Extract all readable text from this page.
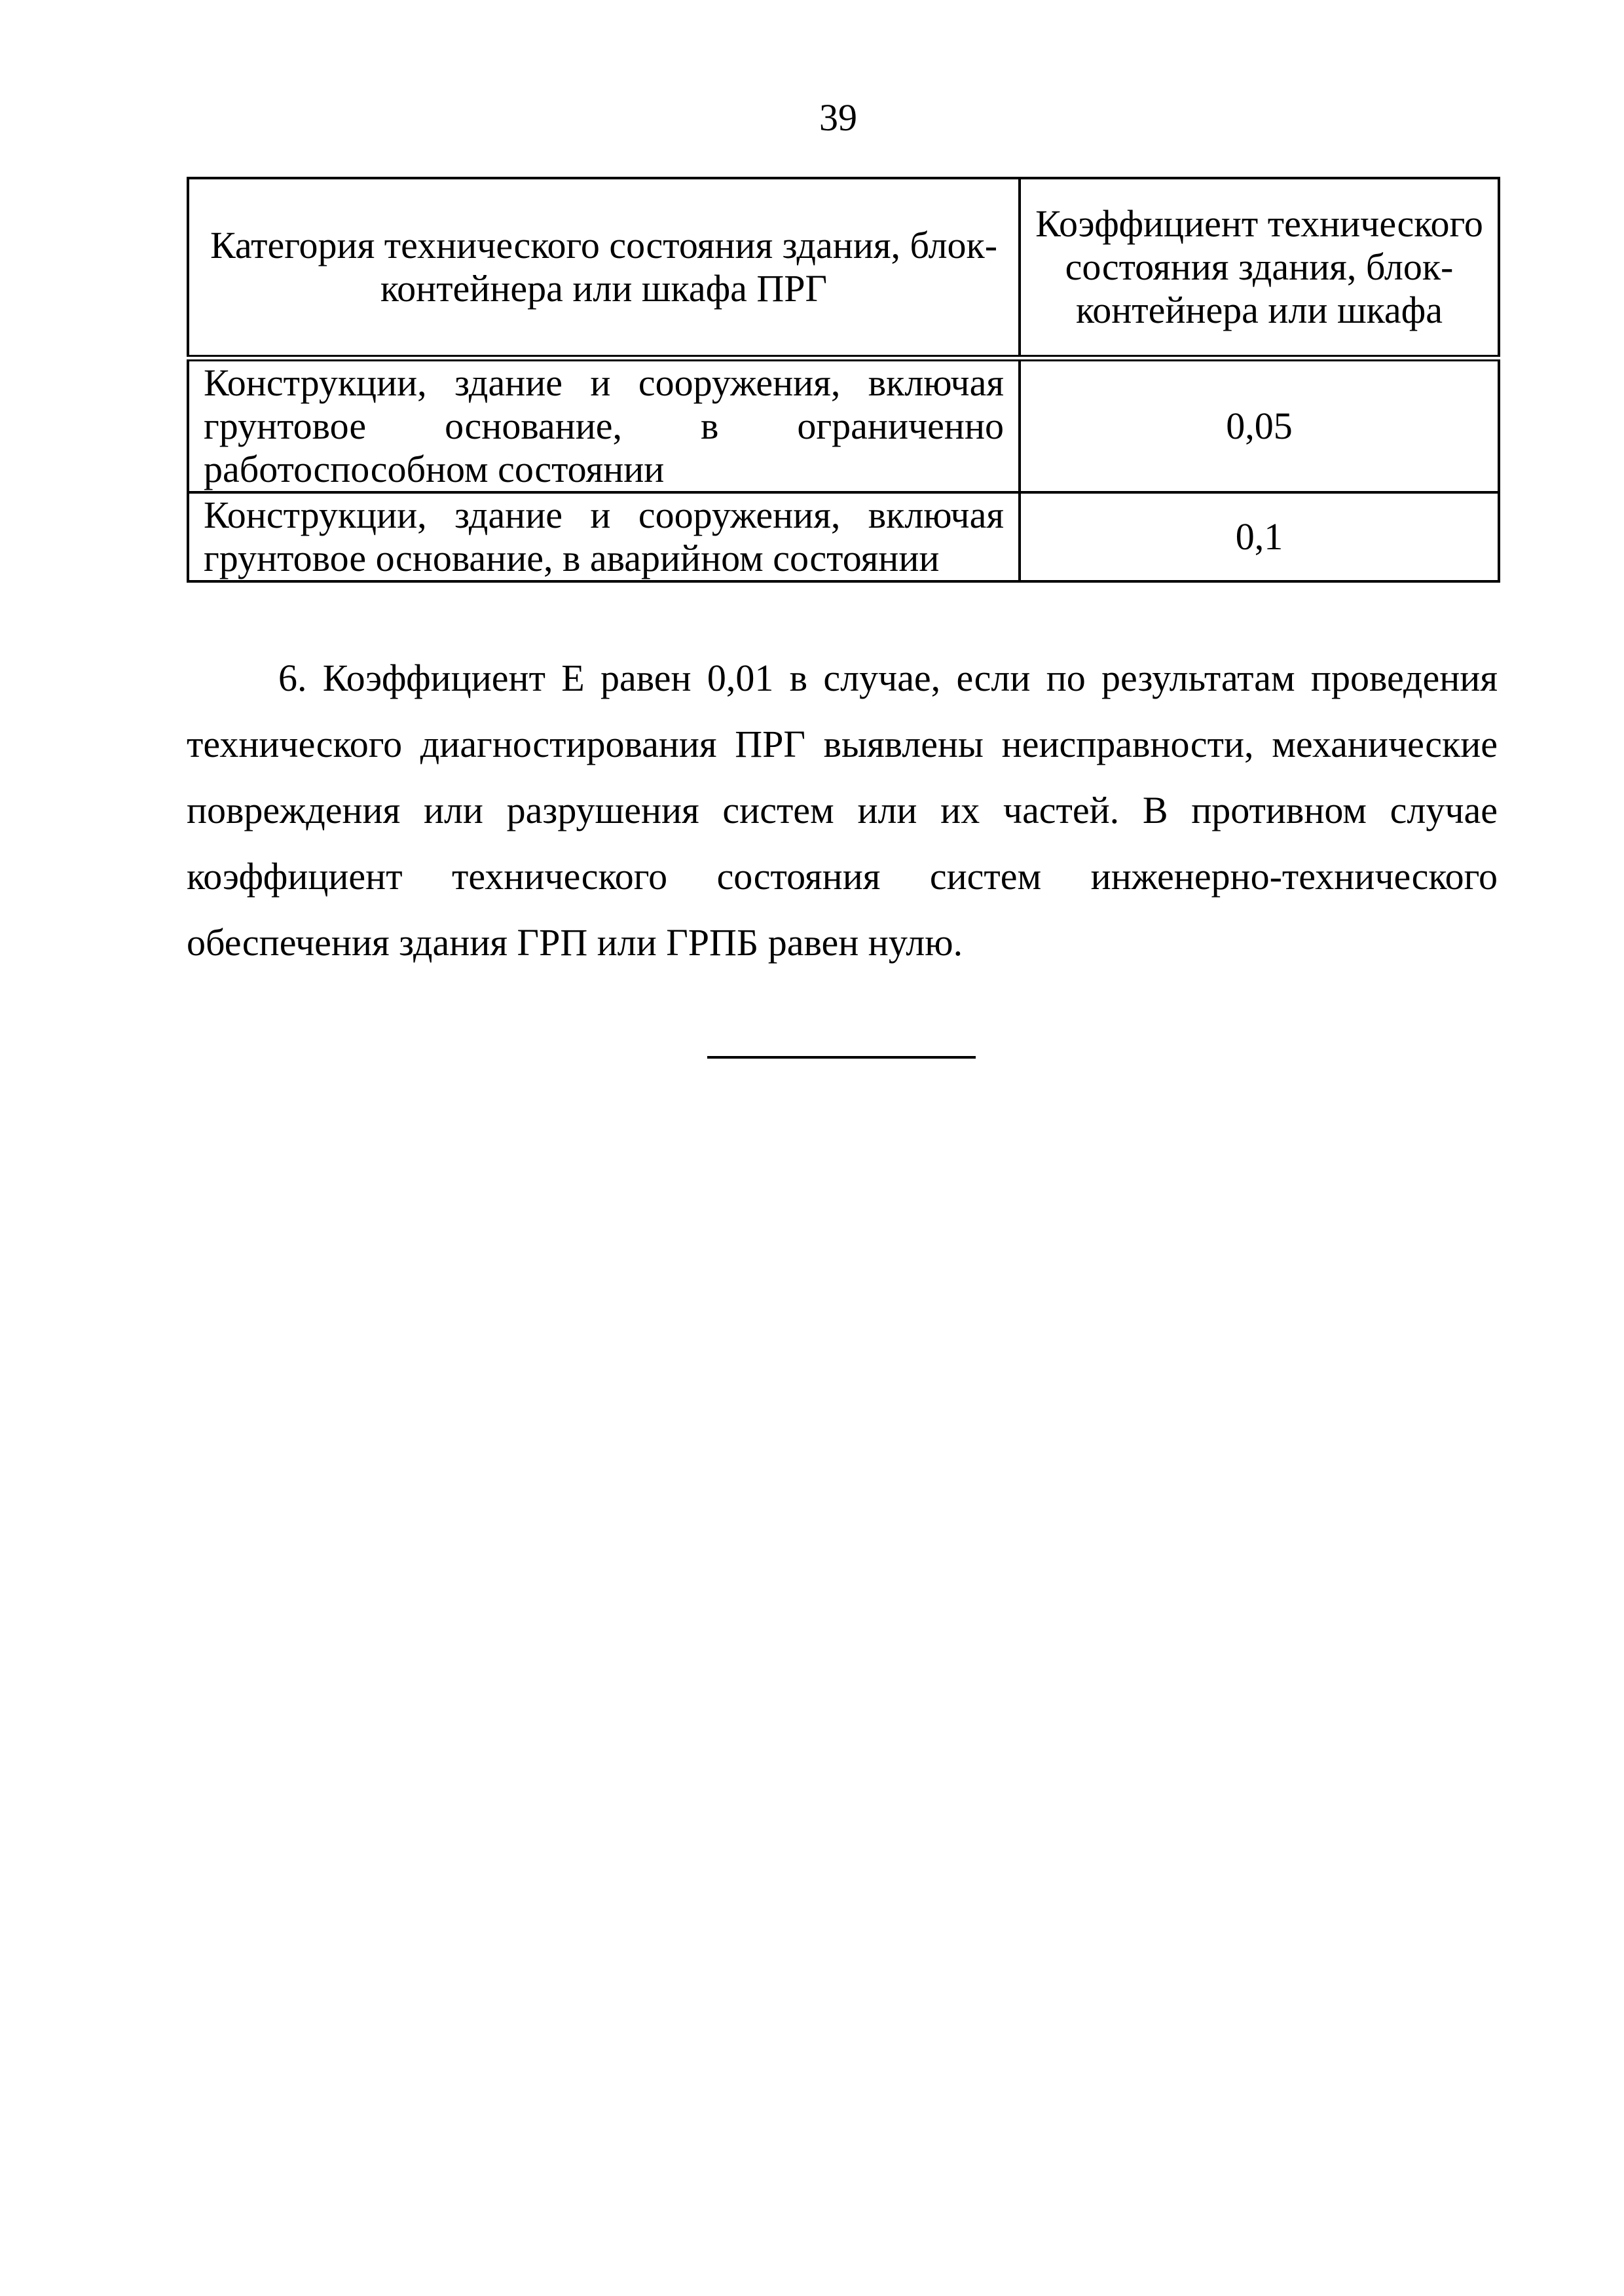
39
Категория технического состояния здания, блок-контейнера или шкафа ПРГ	Коэффициент технического состояния здания, блок-контейнера или шкафа
Конструкции, здание и сооружения, включая грунтовое основание, в ограниченно работоспособном состоянии	0,05
Конструкции, здание и сооружения, включая грунтовое основание, в аварийном состоянии	0,1

6. Коэффициент Е равен 0,01 в случае, если по результатам проведения технического диагностирования ПРГ выявлены неисправности, механические повреждения или разрушения систем или их частей. В противном случае коэффициент технического состояния систем инженерно-технического обеспечения здания ГРП или ГРПБ равен нулю.
